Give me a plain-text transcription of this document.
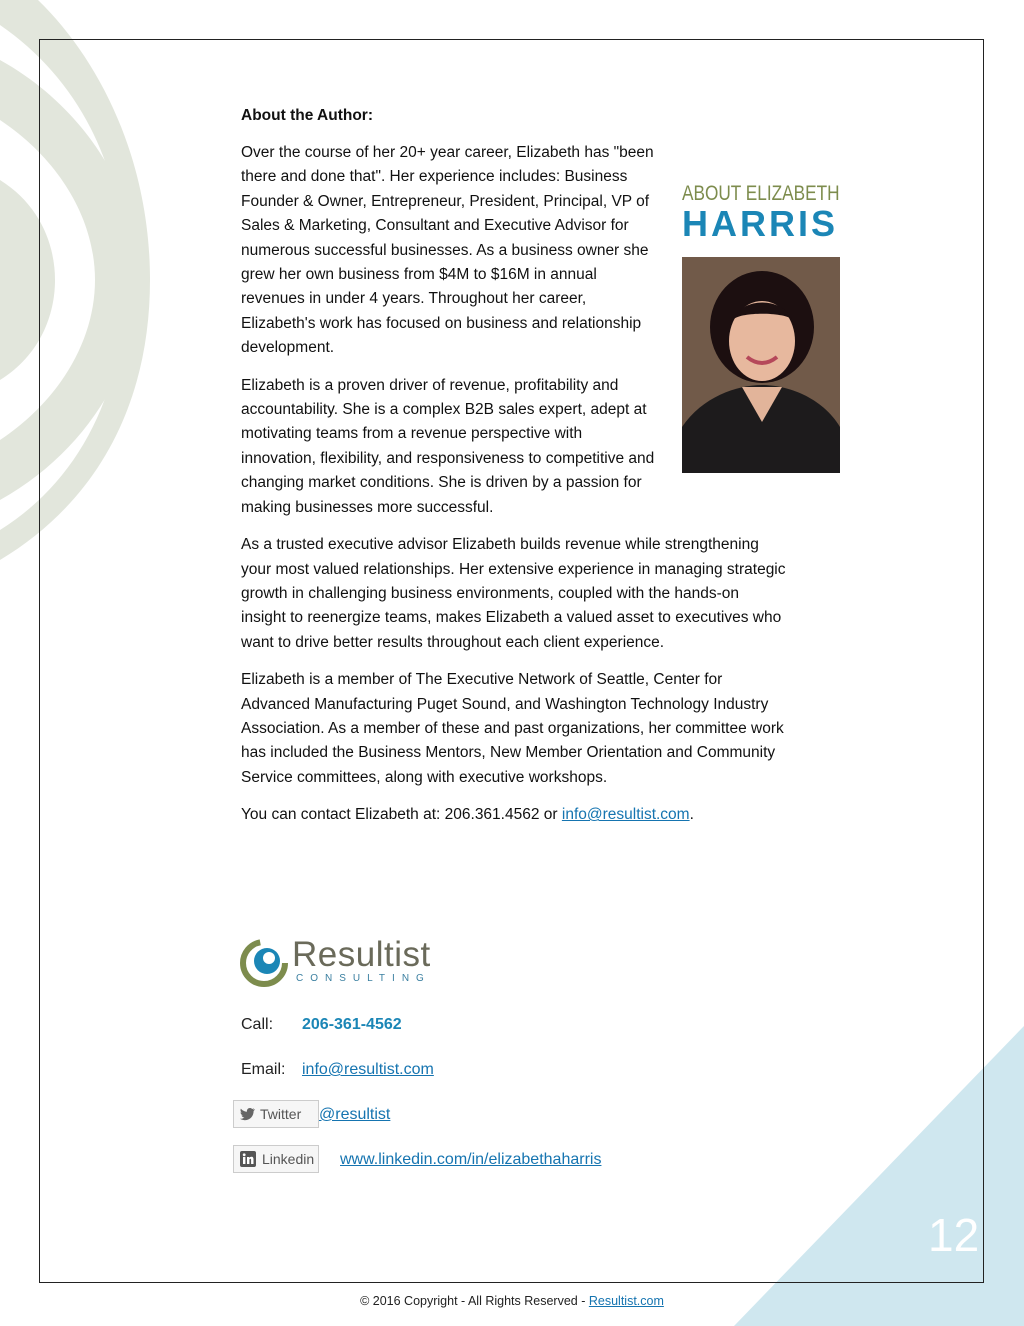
About the Author:
ABOUT ELIZABETH
HARRIS

Over the course of her 20+ year career, Elizabeth has "been there and done that". Her experience includes: Business Founder & Owner, Entrepreneur, President, Principal, VP of Sales & Marketing, Consultant and Executive Advisor for numerous successful businesses. As a business owner she grew her own business from $4M to $16M in annual revenues in under 4 years. Throughout her career, Elizabeth's work has focused on business and relationship development.

Elizabeth is a proven driver of revenue, profitability and accountability. She is a complex B2B sales expert, adept at motivating teams from a revenue perspective with innovation, flexibility, and responsiveness to competitive and changing market conditions. She is driven by a passion for making businesses more successful.

As a trusted executive advisor Elizabeth builds revenue while strengthening your most valued relationships. Her extensive experience in managing strategic growth in challenging business environments, coupled with the hands-on insight to reenergize teams, makes Elizabeth a valued asset to executives who want to drive better results throughout each client experience.

Elizabeth is a member of The Executive Network of Seattle, Center for Advanced Manufacturing Puget Sound, and Washington Technology Industry Association. As a member of these and past organizations, her committee work has included the Business Mentors, New Member Orientation and Community Service committees, along with executive workshops.

You can contact Elizabeth at: 206.361.4562 or info@resultist.com.

Resultist
CONSULTING
Call: 206-361-4562
Email: info@resultist.com
Twitter @resultist
Linkedin www.linkedin.com/in/elizabethaharris
12
© 2016 Copyright - All Rights Reserved - Resultist.com
